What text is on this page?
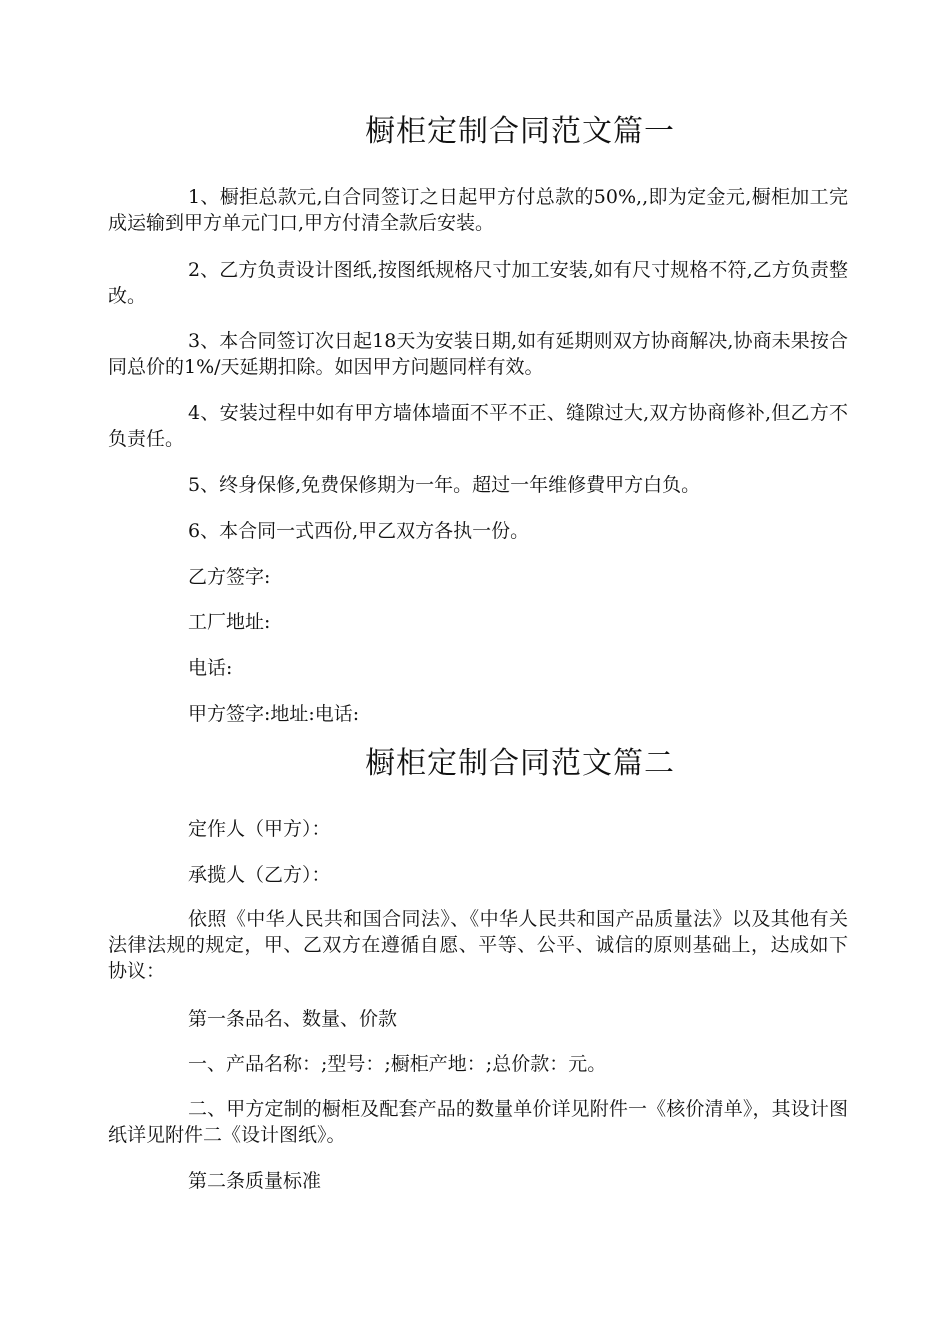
橱柜定制合同范文篇一

1、橱拒总款元,白合同签订之日起甲方付总款的50%,,即为定金元,橱柜加工完成运输到甲方单元门口,甲方付清全款后安装。

2、乙方负责设计图纸,按图纸规格尺寸加工安装,如有尺寸规格不符,乙方负责整改。

3、本合同签订次日起18天为安装日期,如有延期则双方协商解决,协商未果按合同总价的1%/天延期扣除。如因甲方问题同样有效。

4、安装过程中如有甲方墙体墙面不平不正、缝隙过大,双方协商修补,但乙方不负责任。

5、终身保修,免费保修期为一年。超过一年维修費甲方白负。

6、本合同一式西份,甲乙双方各执一份。

乙方签字:

工厂地址:

电话:

甲方签字:地址:电话:

橱柜定制合同范文篇二

定作人（甲方）：

承揽人（乙方）：

依照《中华人民共和国合同法》、《中华人民共和国产品质量法》以及其他有关法律法规的规定，甲、乙双方在遵循自愿、平等、公平、诚信的原则基础上，达成如下协议：

第一条品名、数量、价款

一、产品名称：;型号：;橱柜产地：;总价款：元。

二、甲方定制的橱柜及配套产品的数量单价详见附件一《核价清单》，其设计图纸详见附件二《设计图纸》。

第二条质量标准
